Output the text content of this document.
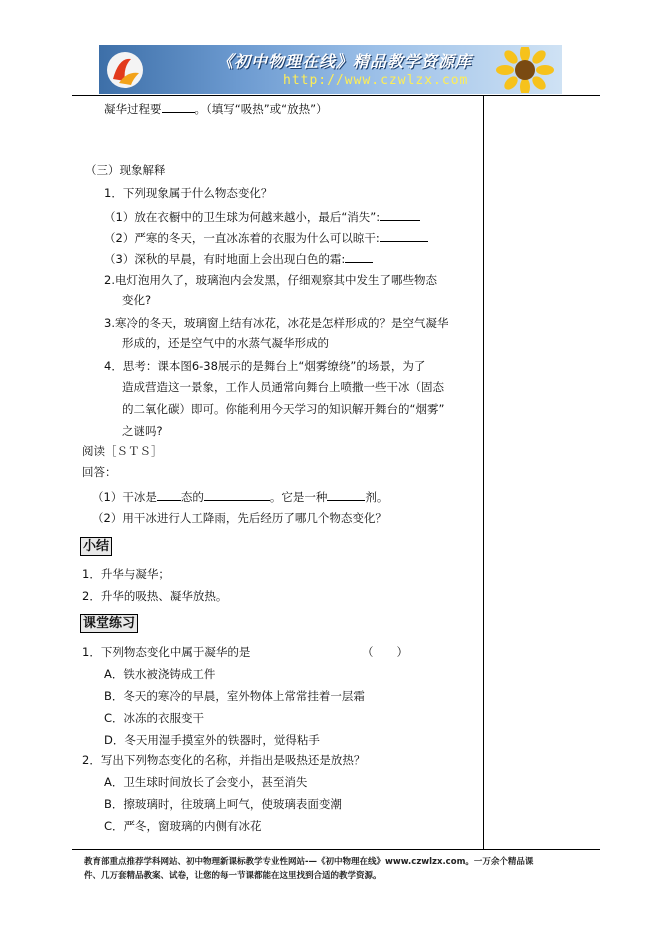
《初中物理在线》精品教学资源库
http://www.czwlzx.com
凝华过程要	。（填写“吸热”或“放热”）
（三）现象解释
1．下列现象属于什么物态变化？
（1）放在衣橱中的卫生球为何越来越小，最后“消失”:
（2）严寒的冬天，一直冰冻着的衣服为什么可以晾干:
（3）深秋的早晨，有时地面上会出现白色的霜:
2.电灯泡用久了，玻璃泡内会发黑，仔细观察其中发生了哪些物态
变化?
3.寒冷的冬天，玻璃窗上结有冰花，冰花是怎样形成的？是空气凝华
形成的，还是空气中的水蒸气凝华形成的
4．思考：课本图6-38展示的是舞台上“烟雾缭绕”的场景，为了
造成营造这一景象，工作人员通常向舞台上喷撒一些干冰（固态
的二氧化碳）即可。你能利用今天学习的知识解开舞台的“烟雾”
之谜吗?
阅读［ＳＴＳ］
回答：
（1）干冰是 态的	。它是一种	剂。
（2）用干冰进行人工降雨，先后经历了哪几个物态变化？
小结
1．升华与凝华；
2．升华的吸热、凝华放热。
课堂练习
1．下列物态变化中属于凝华的是	（　　）
A．铁水被浇铸成工件
B．冬天的寒冷的早晨，室外物体上常常挂着一层霜
C．冰冻的衣服变干
D．冬天用湿手摸室外的铁器时，觉得粘手
2．写出下列物态变化的名称，并指出是吸热还是放热？
A．卫生球时间放长了会变小，甚至消失
B．擦玻璃时，往玻璃上呵气，使玻璃表面变潮
C．严冬，窗玻璃的内侧有冰花
教育部重点推荐学科网站、初中物理新课标教学专业性网站-—《初中物理在线》www.czwlzx.com。一万余个精品课
件、几万套精品教案、试卷，让您的每一节课都能在这里找到合适的教学资源。
